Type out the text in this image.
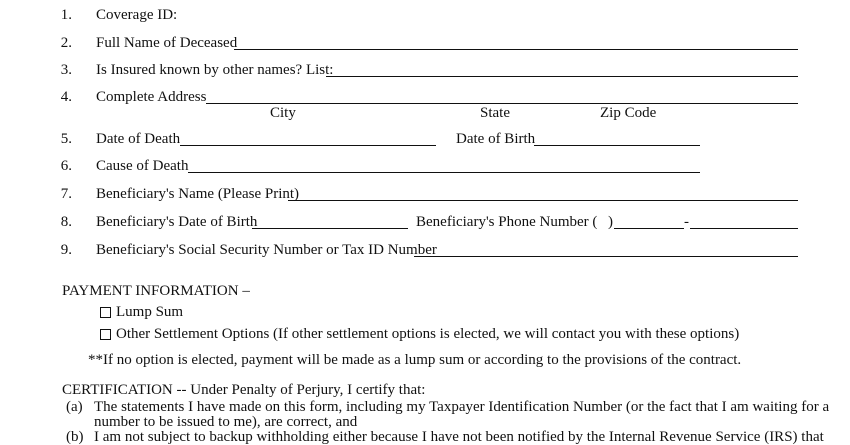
1. Coverage ID:
2. Full Name of Deceased
3. Is Insured known by other names? List:
4. Complete Address
City	State	Zip Code
5. Date of Death	Date of Birth
6. Cause of Death
7. Beneficiary's Name (Please Print)
8. Beneficiary's Date of Birth	Beneficiary's Phone Number ( )	-
9. Beneficiary's Social Security Number or Tax ID Number
PAYMENT INFORMATION –
Lump Sum
Other Settlement Options (If other settlement options is elected, we will contact you with these options)
**If no option is elected, payment will be made as a lump sum or according to the provisions of the contract.
CERTIFICATION -- Under Penalty of Perjury, I certify that:
(a) The statements I have made on this form, including my Taxpayer Identification Number (or the fact that I am waiting for a
number to be issued to me), are correct, and
(b) I am not subject to backup withholding either because I have not been notified by the Internal Revenue Service (IRS) that
